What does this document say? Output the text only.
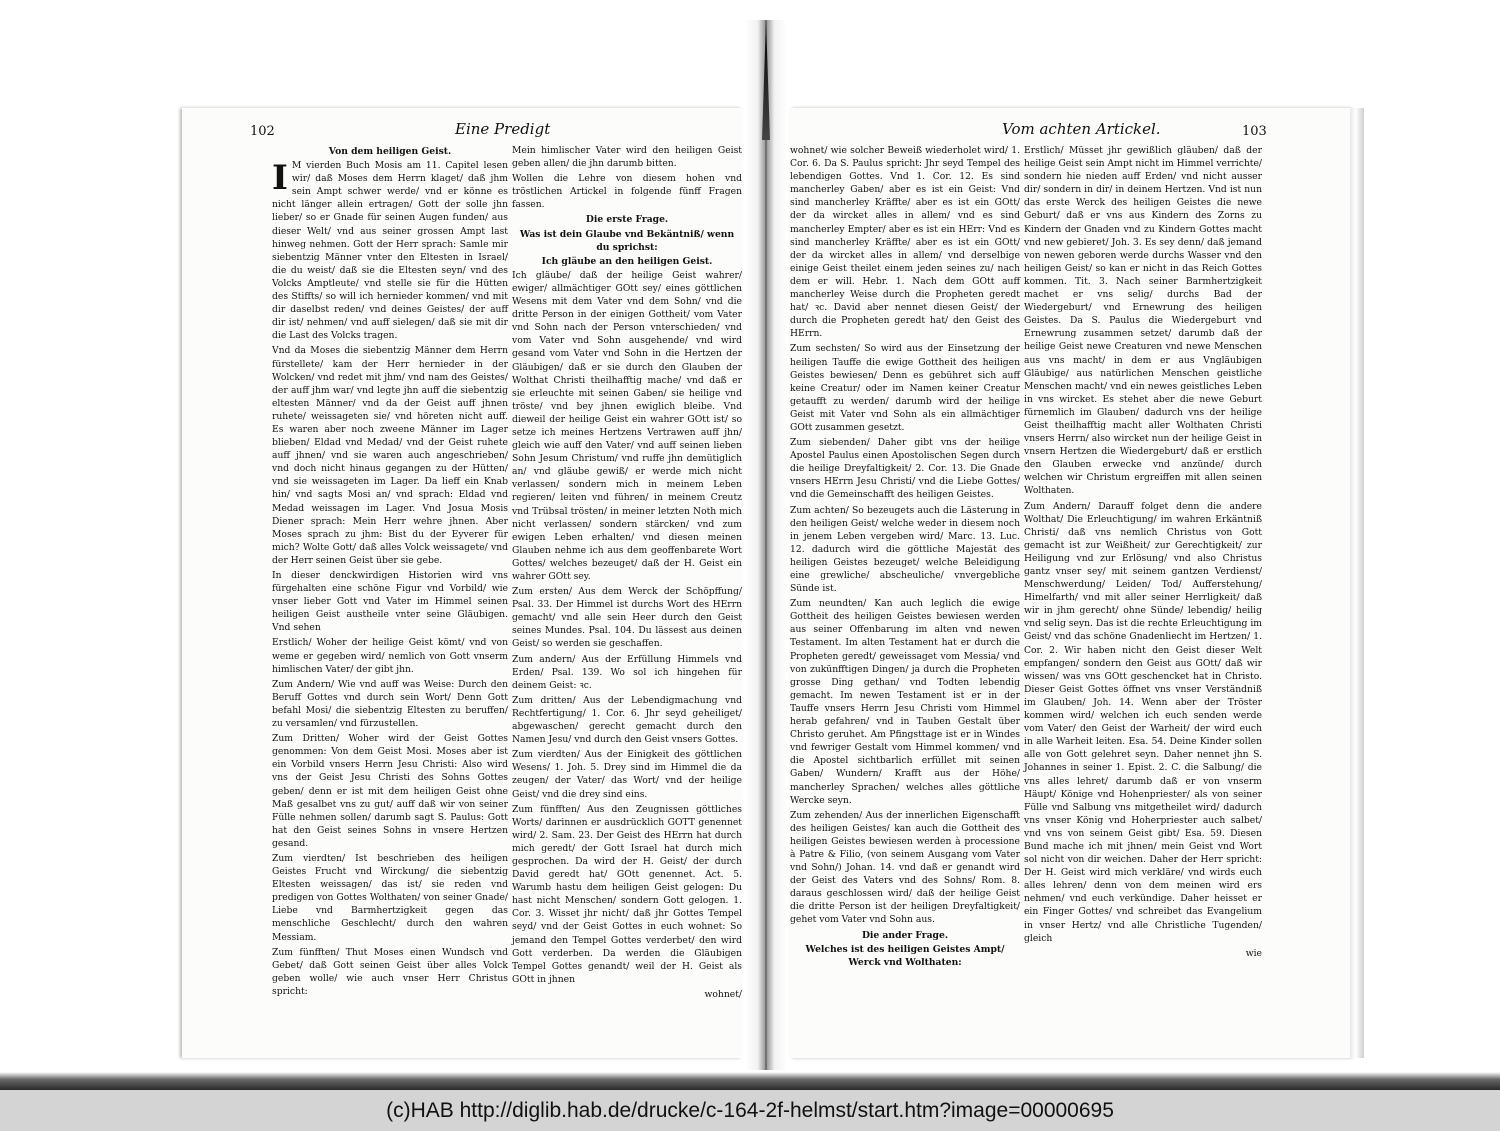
102	Eine Predigt	103
Vom achten Artickel.

Von dem heiligen Geist.

I M vierden Buch Mosis am 11. Capitel lesen wir/ daß Moses dem Herrn klaget/ daß jhm sein Ampt schwer werde/ vnd er könne es nicht länger allein ertragen/ Gott der solle jhn lieber/ so er Gnade für seinen Augen funden/ aus dieser Welt/ vnd aus seiner grossen Ampt last hinweg nehmen. Gott der Herr sprach: Samle mir siebentzig Männer vnter den Eltesten in Israel/ die du weist/ daß sie die Eltesten seyn/ vnd des Volcks Amptleute/ vnd stelle sie für die Hütten des Stiffts/ so will ich hernieder kommen/ vnd mit dir daselbst reden/ vnd deines Geistes/ der auff dir ist/ nehmen/ vnd auff sielegen/ daß sie mit dir die Last des Volcks tragen.

Vnd da Moses die siebentzig Männer dem Herrn fürstellete/ kam der Herr hernieder in der Wolcken/ vnd redet mit jhm/ vnd nam des Geistes/ der auff jhm war/ vnd legte jhn auff die siebentzig eltesten Männer/ vnd da der Geist auff jhnen ruhete/ weissageten sie/ vnd höreten nicht auff. Es waren aber noch zweene Männer im Lager blieben/ Eldad vnd Medad/ vnd der Geist ruhete auff jhnen/ vnd sie waren auch angeschrieben/ vnd doch nicht hinaus gegangen zu der Hütten/ vnd sie weissageten im Lager. Da lieff ein Knab hin/ vnd sagts Mosi an/ vnd sprach: Eldad vnd Medad weissagen im Lager. Vnd Josua Mosis Diener sprach: Mein Herr wehre jhnen. Aber Moses sprach zu jhm: Bist du der Eyverer für mich? Wolte Gott/ daß alles Volck weissagete/ vnd der Herr seinen Geist über sie gebe.

In dieser denckwirdigen Historien wird vns fürgehalten eine schöne Figur vnd Vorbild/ wie vnser lieber Gott vnd Vater im Himmel seinen heiligen Geist austheile vnter seine Gläubigen. Vnd sehen

Erstlich/ Woher der heilige Geist kömt/ vnd von weme er gegeben wird/ nemlich von Gott vnserm himlischen Vater/ der gibt jhn.

Zum Andern/ Wie vnd auff was Weise: Durch den Beruff Gottes vnd durch sein Wort/ Denn Gott befahl Mosi/ die siebentzig Eltesten zu beruffen/ zu versamlen/ vnd fürzustellen.

Zum Dritten/ Woher wird der Geist Gottes genommen: Von dem Geist Mosi. Moses aber ist ein Vorbild vnsers Herrn Jesu Christi: Also wird vns der Geist Jesu Christi des Sohns Gottes geben/ denn er ist mit dem heiligen Geist ohne Maß gesalbet vns zu gut/ auff daß wir von seiner Fülle nehmen sollen/ darumb sagt S. Paulus: Gott hat den Geist seines Sohns in vnsere Hertzen gesand.

Zum vierdten/ Ist beschrieben des heiligen Geistes Frucht vnd Wirckung/ die siebentzig Eltesten weissagen/ das ist/ sie reden vnd predigen von Gottes Wolthaten/ von seiner Gnade/ Liebe vnd Barmhertzigkeit gegen das menschliche Geschlecht/ durch den wahren Messiam.

Zum fünfften/ Thut Moses einen Wundsch vnd Gebet/ daß Gott seinen Geist über alles Volck geben wolle/ wie auch vnser Herr Christus spricht:

Mein himlischer Vater wird den heiligen Geist geben allen/ die jhn darumb bitten.

Wollen die Lehre von diesem hohen vnd tröstlichen Artickel in folgende fünff Fragen fassen.

Die erste Frage.

Was ist dein Glaube vnd Bekäntniß/ wenn du sprichst:

Ich gläube an den heiligen Geist.

Ich gläube/ daß der heilige Geist wahrer/ ewiger/ allmächtiger GOtt sey/ eines göttlichen Wesens mit dem Vater vnd dem Sohn/ vnd die dritte Person in der einigen Gottheit/ vom Vater vnd Sohn nach der Person vnterschieden/ vnd vom Vater vnd Sohn ausgehende/ vnd wird gesand vom Vater vnd Sohn in die Hertzen der Gläubigen/ daß er sie durch den Glauben der Wolthat Christi theilhafftig mache/ vnd daß er sie erleuchte mit seinen Gaben/ sie heilige vnd tröste/ vnd bey jhnen ewiglich bleibe. Vnd dieweil der heilige Geist ein wahrer GOtt ist/ so setze ich meines Hertzens Vertrawen auff jhn/ gleich wie auff den Vater/ vnd auff seinen lieben Sohn Jesum Christum/ vnd ruffe jhn demütiglich an/ vnd gläube gewiß/ er werde mich nicht verlassen/ sondern mich in meinem Leben regieren/ leiten vnd führen/ in meinem Creutz vnd Trübsal trösten/ in meiner letzten Noth mich nicht verlassen/ sondern stärcken/ vnd zum ewigen Leben erhalten/ vnd diesen meinen Glauben nehme ich aus dem geoffenbarete Wort Gottes/ welches bezeuget/ daß der H. Geist ein wahrer GOtt sey.

Zum ersten/ Aus dem Werck der Schöpffung/ Psal. 33. Der Himmel ist durchs Wort des HErrn gemacht/ vnd alle sein Heer durch den Geist seines Mundes. Psal. 104. Du lässest aus deinen Geist/ so werden sie geschaffen.

Zum andern/ Aus der Erfüllung Himmels vnd Erden/ Psal. 139. Wo sol ich hingehen für deinem Geist: ꝛc.

Zum dritten/ Aus der Lebendigmachung vnd Rechtfertigung/ 1. Cor. 6. Jhr seyd geheiliget/ abgewaschen/ gerecht gemacht durch den Namen Jesu/ vnd durch den Geist vnsers Gottes.

Zum vierdten/ Aus der Einigkeit des göttlichen Wesens/ 1. Joh. 5. Drey sind im Himmel die da zeugen/ der Vater/ das Wort/ vnd der heilige Geist/ vnd die drey sind eins.

Zum fünfften/ Aus den Zeugnissen göttliches Worts/ darinnen er ausdrücklich GOTT genennet wird/ 2. Sam. 23. Der Geist des HErrn hat durch mich geredt/ der Gott Israel hat durch mich gesprochen. Da wird der H. Geist/ der durch David geredt hat/ GOtt genennet. Act. 5. Warumb hastu dem heiligen Geist gelogen: Du hast nicht Menschen/ sondern Gott gelogen. 1. Cor. 3. Wisset jhr nicht/ daß jhr Gottes Tempel seyd/ vnd der Geist Gottes in euch wohnet: So jemand den Tempel Gottes verderbet/ den wird Gott verderben. Da werden die Gläubigen Tempel Gottes genandt/ weil der H. Geist als GOtt in jhnen

wohnet/

wohnet/ wie solcher Beweiß wiederholet wird/ 1. Cor. 6. Da S. Paulus spricht: Jhr seyd Tempel des lebendigen Gottes. Vnd 1. Cor. 12. Es sind mancherley Gaben/ aber es ist ein Geist: Vnd sind mancherley Kräffte/ aber es ist ein GOtt/ der da wircket alles in allem/ vnd es sind mancherley Empter/ aber es ist ein HErr: Vnd es sind mancherley Kräffte/ aber es ist ein GOtt/ der da wircket alles in allem/ vnd derselbige einige Geist theilet einem jeden seines zu/ nach dem er will. Hebr. 1. Nach dem GOtt auff mancherley Weise durch die Propheten geredt hat/ ꝛc. David aber nennet diesen Geist/ der durch die Propheten geredt hat/ den Geist des HErrn.

Zum sechsten/ So wird aus der Einsetzung der heiligen Tauffe die ewige Gottheit des heiligen Geistes bewiesen/ Denn es gebühret sich auff keine Creatur/ oder im Namen keiner Creatur getaufft zu werden/ darumb wird der heilige Geist mit Vater vnd Sohn als ein allmächtiger GOtt zusammen gesetzt.

Zum siebenden/ Daher gibt vns der heilige Apostel Paulus einen Apostolischen Segen durch die heilige Dreyfaltigkeit/ 2. Cor. 13. Die Gnade vnsers HErrn Jesu Christi/ vnd die Liebe Gottes/ vnd die Gemeinschafft des heiligen Geistes.

Zum achten/ So bezeugets auch die Lästerung in den heiligen Geist/ welche weder in diesem noch in jenem Leben vergeben wird/ Marc. 13. Luc. 12. dadurch wird die göttliche Majestät des heiligen Geistes bezeuget/ welche Beleidigung eine grewliche/ abscheuliche/ vnvergebliche Sünde ist.

Zum neundten/ Kan auch leglich die ewige Gottheit des heiligen Geistes bewiesen werden aus seiner Offenbarung im alten vnd newen Testament. Im alten Testament hat er durch die Propheten geredt/ geweissaget vom Messia/ vnd von zukünfftigen Dingen/ ja durch die Propheten grosse Ding gethan/ vnd Todten lebendig gemacht. Im newen Testament ist er in der Tauffe vnsers Herrn Jesu Christi vom Himmel herab gefahren/ vnd in Tauben Gestalt über Christo geruhet. Am Pfingsttage ist er in Windes vnd fewriger Gestalt vom Himmel kommen/ vnd die Apostel sichtbarlich erfüllet mit seinen Gaben/ Wundern/ Krafft aus der Höhe/ mancherley Sprachen/ welches alles göttliche Wercke seyn.

Zum zehenden/ Aus der innerlichen Eigenschafft des heiligen Geistes/ kan auch die Gottheit des heiligen Geistes bewiesen werden à processione à Patre & Filio, (von seinem Ausgang vom Vater vnd Sohn/) Johan. 14. vnd daß er genandt wird der Geist des Vaters vnd des Sohns/ Rom. 8. daraus geschlossen wird/ daß der heilige Geist die dritte Person ist der heiligen Dreyfaltigkeit/ gehet vom Vater vnd Sohn aus.

Die ander Frage.

Welches ist des heiligen Geistes Ampt/ Werck vnd Wolthaten:

Erstlich/ Müsset jhr gewißlich gläuben/ daß der heilige Geist sein Ampt nicht im Himmel verrichte/ sondern hie nieden auff Erden/ vnd nicht ausser dir/ sondern in dir/ in deinem Hertzen. Vnd ist nun das erste Werck des heiligen Geistes die newe Geburt/ daß er vns aus Kindern des Zorns zu Kindern der Gnaden vnd zu Kindern Gottes macht vnd new gebieret/ Joh. 3. Es sey denn/ daß jemand von newen geboren werde durchs Wasser vnd den heiligen Geist/ so kan er nicht in das Reich Gottes kommen. Tit. 3. Nach seiner Barmhertzigkeit machet er vns selig/ durchs Bad der Wiedergeburt/ vnd Ernewrung des heiligen Geistes. Da S. Paulus die Wiedergeburt vnd Ernewrung zusammen setzet/ darumb daß der heilige Geist newe Creaturen vnd newe Menschen aus vns macht/ in dem er aus Vngläubigen Gläubige/ aus natürlichen Menschen geistliche Menschen macht/ vnd ein newes geistliches Leben in vns wircket. Es stehet aber die newe Geburt fürnemlich im Glauben/ dadurch vns der heilige Geist theilhafftig macht aller Wolthaten Christi vnsers Herrn/ also wircket nun der heilige Geist in vnsern Hertzen die Wiedergeburt/ daß er erstlich den Glauben erwecke vnd anzünde/ durch welchen wir Christum ergreiffen mit allen seinen Wolthaten.

Zum Andern/ Darauff folget denn die andere Wolthat/ Die Erleuchtigung/ im wahren Erkäntniß Christi/ daß vns nemlich Christus von Gott gemacht ist zur Weißheit/ zur Gerechtigkeit/ zur Heiligung vnd zur Erlösung/ vnd also Christus gantz vnser sey/ mit seinem gantzen Verdienst/ Menschwerdung/ Leiden/ Tod/ Aufferstehung/ Himelfarth/ vnd mit aller seiner Herrligkeit/ daß wir in jhm gerecht/ ohne Sünde/ lebendig/ heilig vnd selig seyn. Das ist die rechte Erleuchtigung im Geist/ vnd das schöne Gnadenliecht im Hertzen/ 1. Cor. 2. Wir haben nicht den Geist dieser Welt empfangen/ sondern den Geist aus GOtt/ daß wir wissen/ was vns GOtt geschencket hat in Christo. Dieser Geist Gottes öffnet vns vnser Verständniß im Glauben/ Joh. 14. Wenn aber der Tröster kommen wird/ welchen ich euch senden werde vom Vater/ den Geist der Warheit/ der wird euch in alle Warheit leiten. Esa. 54. Deine Kinder sollen alle von Gott gelehret seyn. Daher nennet jhn S. Johannes in seiner 1. Epist. 2. C. die Salbung/ die vns alles lehret/ darumb daß er von vnserm Häupt/ Könige vnd Hohenpriester/ als von seiner Fülle vnd Salbung vns mitgetheilet wird/ dadurch vns vnser König vnd Hoherpriester auch salbet/ vnd vns von seinem Geist gibt/ Esa. 59. Diesen Bund mache ich mit jhnen/ mein Geist vnd Wort sol nicht von dir weichen. Daher der Herr spricht: Der H. Geist wird mich verkläre/ vnd wirds euch alles lehren/ denn von dem meinen wird ers nehmen/ vnd euch verkündige. Daher heisset er ein Finger Gottes/ vnd schreibet das Evangelium in vnser Hertz/ vnd alle Christliche Tugenden/ gleich

wie

(c)HAB http://diglib.hab.de/drucke/c-164-2f-helmst/start.htm?image=00000695
